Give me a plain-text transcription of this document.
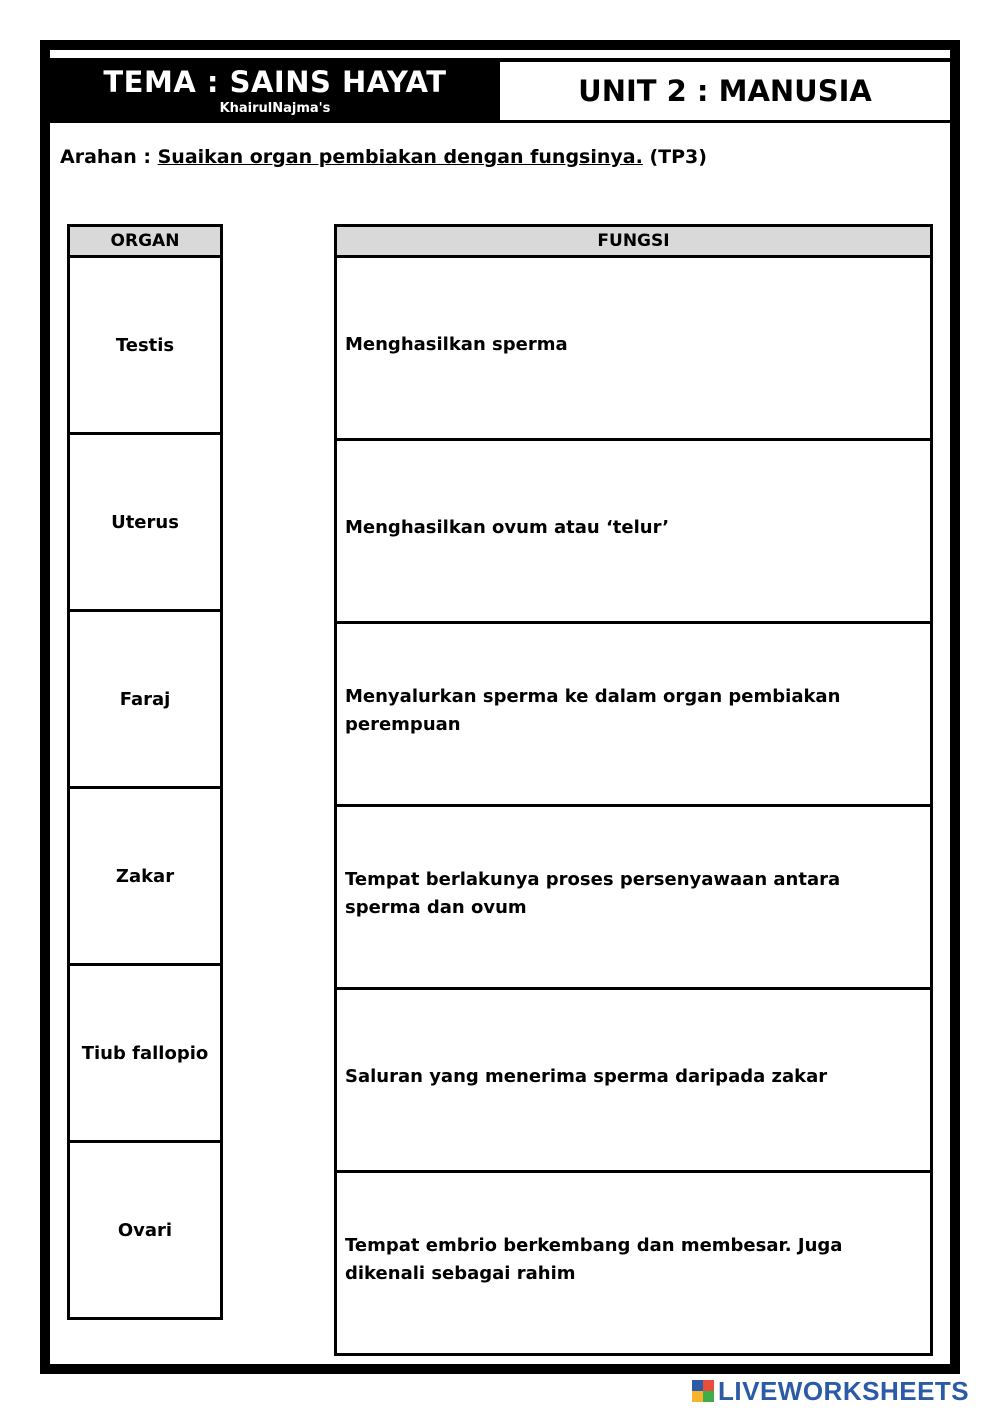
TEMA : SAINS HAYAT
KhairulNajma's
UNIT 2 : MANUSIA
Arahan : Suaikan organ pembiakan dengan fungsinya. (TP3)
ORGAN
Testis
Uterus
Faraj
Zakar
Tiub fallopio
Ovari
FUNGSI
Menghasilkan sperma
Menghasilkan ovum atau ‘telur’
Menyalurkan sperma ke dalam organ pembiakan perempuan
Tempat berlakunya proses persenyawaan antara sperma dan ovum
Saluran yang menerima sperma daripada zakar
Tempat embrio berkembang dan membesar. Juga dikenali sebagai rahim
LIVEWORKSHEETS
